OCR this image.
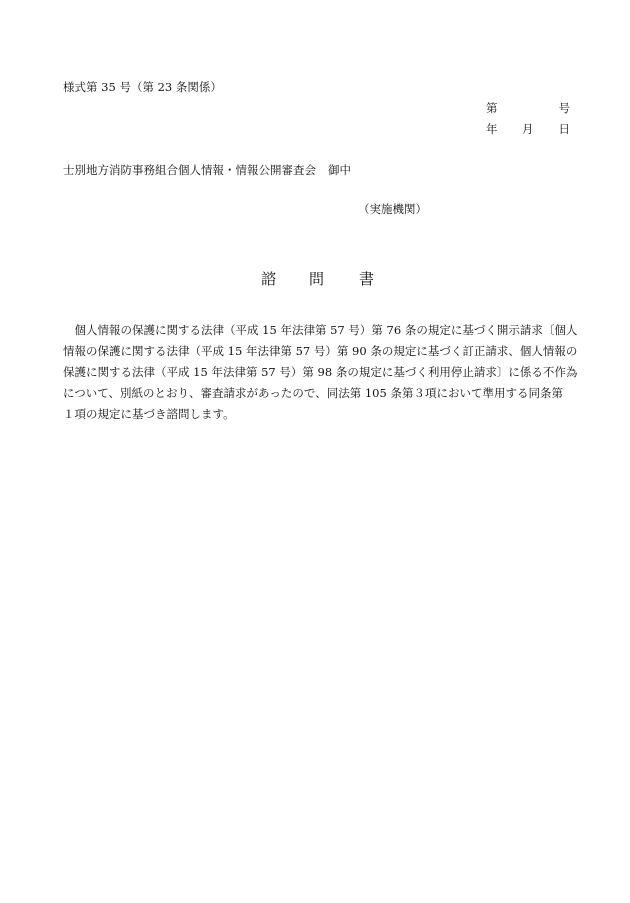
様式第 35 号（第 23 条関係）
第	号
年 月 日
士別地方消防事務組合個人情報・情報公開審査会 御中
（実施機関）
諮 問 書
　個人情報の保護に関する法律（平成 15 年法律第 57 号）第 76 条の規定に基づく開示請求〔個人
情報の保護に関する法律（平成 15 年法律第 57 号）第 90 条の規定に基づく訂正請求、個人情報の
保護に関する法律（平成 15 年法律第 57 号）第 98 条の規定に基づく利用停止請求〕に係る不作為
について、別紙のとおり、審査請求があったので、同法第 105 条第３項において準用する同条第
１項の規定に基づき諮問します。
